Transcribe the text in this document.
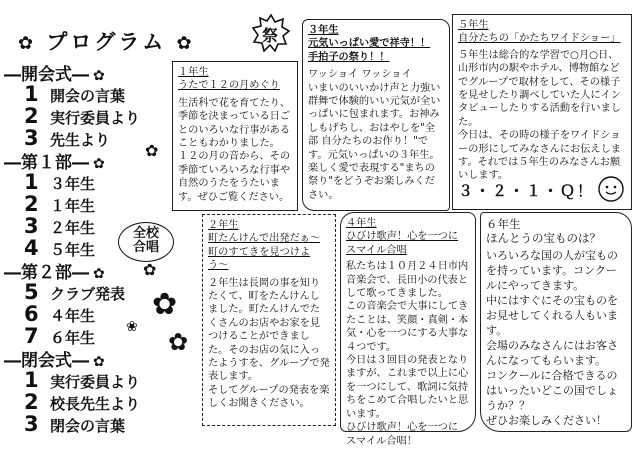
✿ プログラム ✿	祭
―開会式― ✿
1 開会の言葉
2 実行委員より
3 先生より
―第１部― ✿
1 ３年生
2 １年生
3 ２年生
4 ５年生
―第２部― ✿
5 クラブ発表
6 ４年生
7 ６年生
―閉会式― ✿
1 実行委員より
2 校長先生より
3 閉会の言葉
全校
合唱
✿
✿
✿
✿
❀

１年生
うたで１２の月めぐり

生活科で花を育てたり、季節を決まっている日ごとのいろいな行事があることもわかりました。
１２の月の音から、その季節ていろいろな行事や自然のうたをうたいます。ぜひご覧ください。

３年生
元気いっぱい愛で祥寺！！
手拍子の祭り！！

ワッショイ ワッショイ
いまいのいいかけ声と力強い群舞で体験的いい元気が全いっぱいに包まれます。お神みしもげちし、おはやしを"全部 自分たちのお作り！"です。元気いっぱいの３年生。
楽しく愛で表現する"まちの祭り"をどうぞお楽しみください。

５年生
自分たちの「かたちワイドショー」

５年生は総合的な学習で○月○日、山形市内の駅やホテル、博物館などでグループで取材をして、その様子を見せしたり調べしていた人にインタビューしたりする活動を行いました。
今日は、その時の様子をワイドショーの形にしてみなさんにお伝えします。それでは５年生のみなさんお願いします。

３・２・１・Ｑ！

２年生
町たんけんで出発だぁ〜
町のすてきを見つけよう〜

２年生は長岡の事を知りたくて、町をたんけんしました。町たんけんでたくさんのお店やお家を見つけることができました。そのお店の気に入ったようすを、グループで発表します。
そしてグループの発表を楽しくお聞きください。

４年生
ひびけ歌声！心を一つに
スマイル合唱

私たちは１０月２４日市内音楽会で、長田小の代表として歌ってきました。
この音楽会で大事にしてきたことは、笑顔・真剣・本気・心を一つにする大事な４つです。
今日は３回目の発表となりますが、これまで以上に心を一つにして、歌詞に気持ちをこめて合唱したいと思います。
ひびけ歌声！心を一つに
スマイル合唱！

６年生
ほんとうの宝ものは？

いろいろな国の人が宝ものを持っています。コンクールにやってきます。
中にはすぐにその宝ものをお見せしてくれる人もいます。
会場のみなさんにはお客さんになってもらいます。
コンクールに合格できるのはいったいどこの国でしょうか？？
ぜひお楽しみください！
